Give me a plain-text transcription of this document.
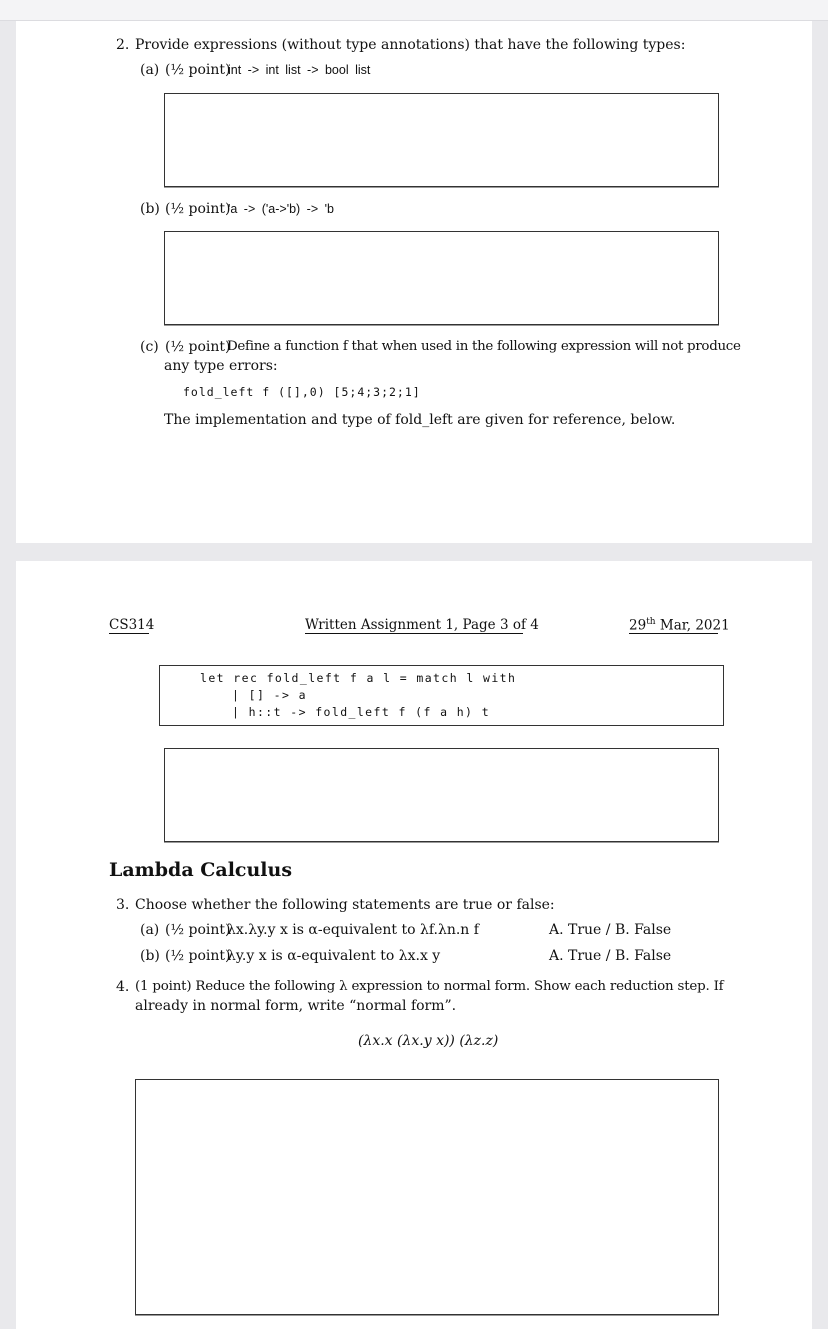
2. Provide expressions (without type annotations) that have the following types:
(a) (½ point)
int -> int list -> bool list
(b) (½ point)
'a -> ('a->'b) -> 'b
(c) (½ point)
Define a function f that when used in the following expression will not produce
any type errors:
fold_left f ([],0) [5;4;3;2;1]
The implementation and type of fold_left are given for reference, below.
CS314	Written Assignment 1, Page 3 of 4	29th Mar, 2021
let rec fold_left f a l = match l with
| [] -> a
| h::t -> fold_left f (f a h) t
Lambda Calculus
3. Choose whether the following statements are true or false:
(a) (½ point)
λx.λy.y x is α-equivalent to λf.λn.n f	A. True / B. False
(b) (½ point)
λy.y x is α-equivalent to λx.x y	A. True / B. False
4. (1 point) Reduce the following λ expression to normal form. Show each reduction step. If
already in normal form, write “normal form”.
(λx.x (λx.y x)) (λz.z)
